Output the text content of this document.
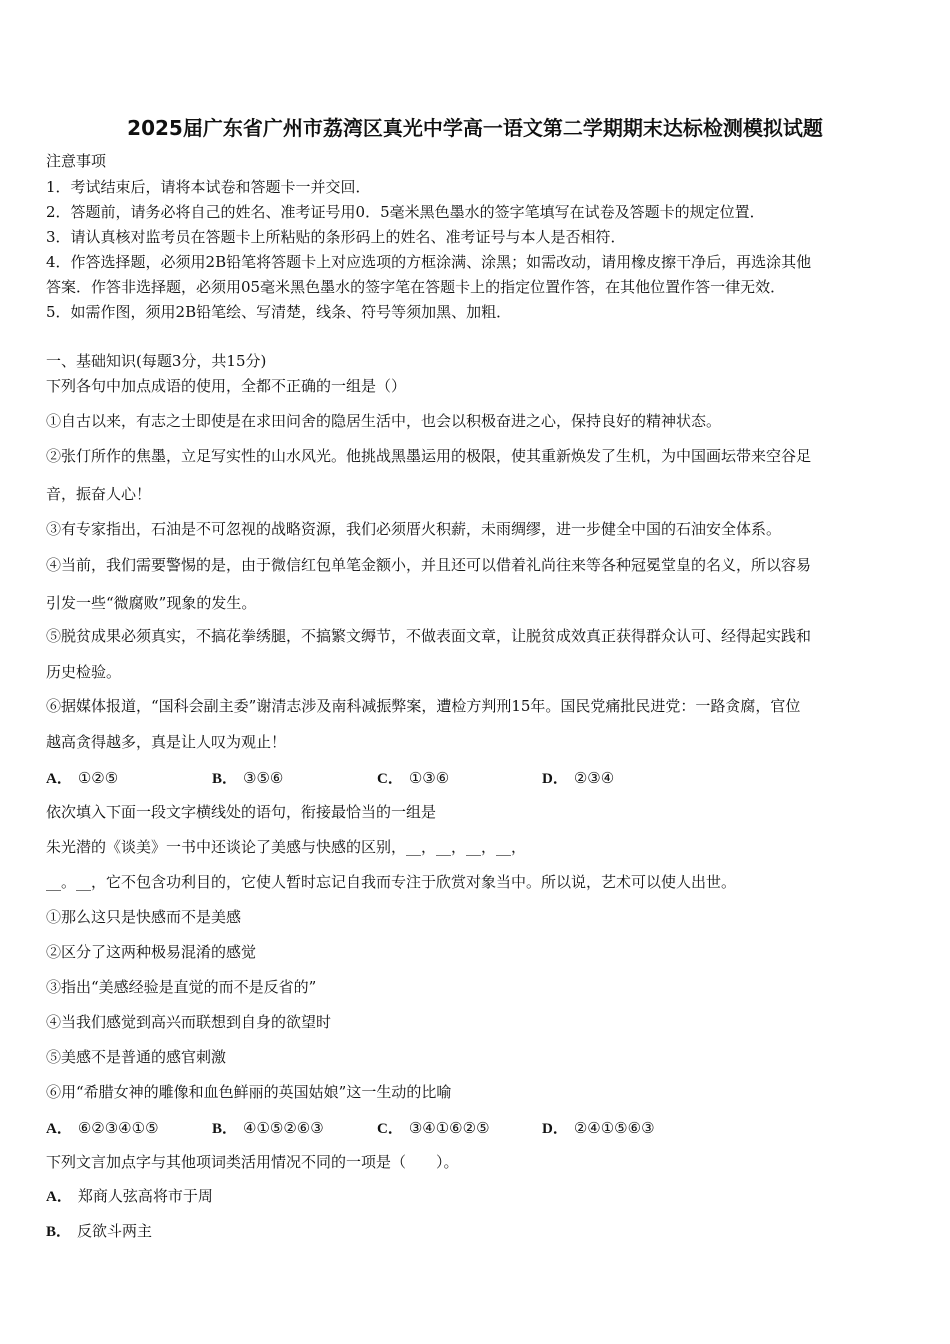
2025届广东省广州市荔湾区真光中学高一语文第二学期期末达标检测模拟试题
注意事项
1．考试结束后，请将本试卷和答题卡一并交回．
2．答题前，请务必将自己的姓名、准考证号用0．5毫米黑色墨水的签字笔填写在试卷及答题卡的规定位置．
3．请认真核对监考员在答题卡上所粘贴的条形码上的姓名、准考证号与本人是否相符．
4．作答选择题，必须用2B铅笔将答题卡上对应选项的方框涂满、涂黑；如需改动，请用橡皮擦干净后，再选涂其他
答案．作答非选择题，必须用05毫米黑色墨水的签字笔在答题卡上的指定位置作答，在其他位置作答一律无效．
5．如需作图，须用2B铅笔绘、写清楚，线条、符号等须加黑、加粗．
一、基础知识(每题3分，共15分)
下列各句中加点成语的使用，全都不正确的一组是（）
①自古以来，有志之士即使是在求田问舍的隐居生活中，也会以积极奋进之心，保持良好的精神状态。
②张仃所作的焦墨，立足写实性的山水风光。他挑战黑墨运用的极限，使其重新焕发了生机，为中国画坛带来空谷足
音，振奋人心！
③有专家指出，石油是不可忽视的战略资源，我们必须厝火积薪，未雨绸缪，进一步健全中国的石油安全体系。
④当前，我们需要警惕的是，由于微信红包单笔金额小，并且还可以借着礼尚往来等各种冠冕堂皇的名义，所以容易
引发一些“微腐败”现象的发生。
⑤脱贫成果必须真实，不搞花拳绣腿，不搞繁文缛节，不做表面文章，让脱贫成效真正获得群众认可、经得起实践和
历史检验。
⑥据媒体报道，“国科会副主委”谢清志涉及南科减振弊案，遭检方判刑15年。国民党痛批民进党：一路贪腐，官位
越高贪得越多，真是让人叹为观止！
A． ①②⑤	B． ③⑤⑥	C． ①③⑥	D． ②③④
依次填入下面一段文字横线处的语句，衔接最恰当的一组是
朱光潜的《谈美》一书中还谈论了美感与快感的区别，__，__，__，__，
__。__，它不包含功利目的，它使人暂时忘记自我而专注于欣赏对象当中。所以说，艺术可以使人出世。
①那么这只是快感而不是美感
②区分了这两种极易混淆的感觉
③指出“美感经验是直觉的而不是反省的”
④当我们感觉到高兴而联想到自身的欲望时
⑤美感不是普通的感官刺激
⑥用“希腊女神的雕像和血色鲜丽的英国姑娘”这一生动的比喻
A． ⑥②③④①⑤	B． ④①⑤②⑥③	C． ③④①⑥②⑤	D． ②④①⑤⑥③
下列文言加点字与其他项词类活用情况不同的一项是（　　）。
A． 郑商人弦高将市于周
B． 反欲斗两主
